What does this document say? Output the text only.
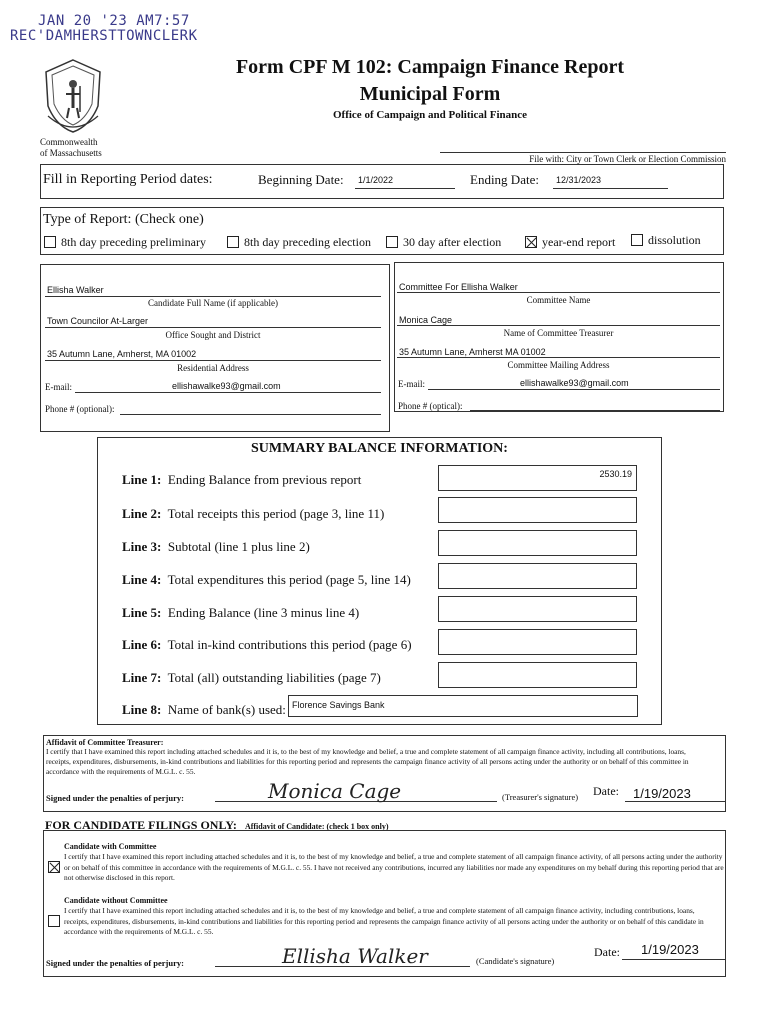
JAN 20 '23 AM7:57
REC'DAMHERSTTOWNCLERK
Commonwealth
of Massachusetts
Form CPF M 102: Campaign Finance Report
Municipal Form
Office of Campaign and Political Finance
File with: City or Town Clerk or Election Commission
Fill in Reporting Period dates:	Beginning Date: 1/1/2022	Ending Date: 12/31/2023
Type of Report: (Check one)
8th day preceding preliminary	8th day preceding election	30 day after election	year-end report	dissolution
Ellisha Walker
Candidate Full Name (if applicable)
Town Councilor At-Larger
Office Sought and District
35 Autumn Lane, Amherst, MA 01002
Residential Address
E-mail:	ellishawalke93@gmail.com
Phone # (optional):
Committee For Ellisha Walker
Committee Name
Monica Cage
Name of Committee Treasurer
35 Autumn Lane, Amherst MA 01002
Committee Mailing Address
E-mail:	ellishawalke93@gmail.com
Phone # (optical):
SUMMARY BALANCE INFORMATION:
Line 1: Ending Balance from previous report	2530.19
Line 2: Total receipts this period (page 3, line 11)
Line 3: Subtotal (line 1 plus line 2)
Line 4: Total expenditures this period (page 5, line 14)
Line 5: Ending Balance (line 3 minus line 4)
Line 6: Total in-kind contributions this period (page 6)
Line 7: Total (all) outstanding liabilities (page 7)
Line 8: Name of bank(s) used: Florence Savings Bank
Affidavit of Committee Treasurer:
I certify that I have examined this report including attached schedules and it is, to the best of my knowledge and belief, a true and complete statement of all campaign finance activity, including all contributions, loans, receipts, expenditures, disbursements, in-kind contributions and liabilities for this reporting period and represents the campaign finance activity of all persons acting under the authority or on behalf of this committee in accordance with the requirements of M.G.L. c. 55.
Signed under the penalties of perjury:	Monica Cage	(Treasurer's signature) Date: 1/19/2023
FOR CANDIDATE FILINGS ONLY: Affidavit of Candidate: (check 1 box only)
Candidate with Committee
I certify that I have examined this report including attached schedules and it is, to the best of my knowledge and belief, a true and complete statement of all campaign finance activity, of all persons acting under the authority or on behalf of this committee in accordance with the requirements of M.G.L. c. 55. I have not received any contributions, incurred any liabilities nor made any expenditures on my behalf during this reporting period that are not otherwise disclosed in this report.
Candidate without Committee
I certify that I have examined this report including attached schedules and it is, to the best of my knowledge and belief, a true and complete statement of all campaign finance activity, including contributions, loans, receipts, expenditures, disbursements, in-kind contributions and liabilities for this reporting period and represents the campaign finance activity of all persons acting under the authority or on behalf of this candidate in accordance with the requirements of M.G.L. c. 55.
Signed under the penalties of perjury:	Ellisha Walker	(Candidate's signature)
Date: 1/19/2023
